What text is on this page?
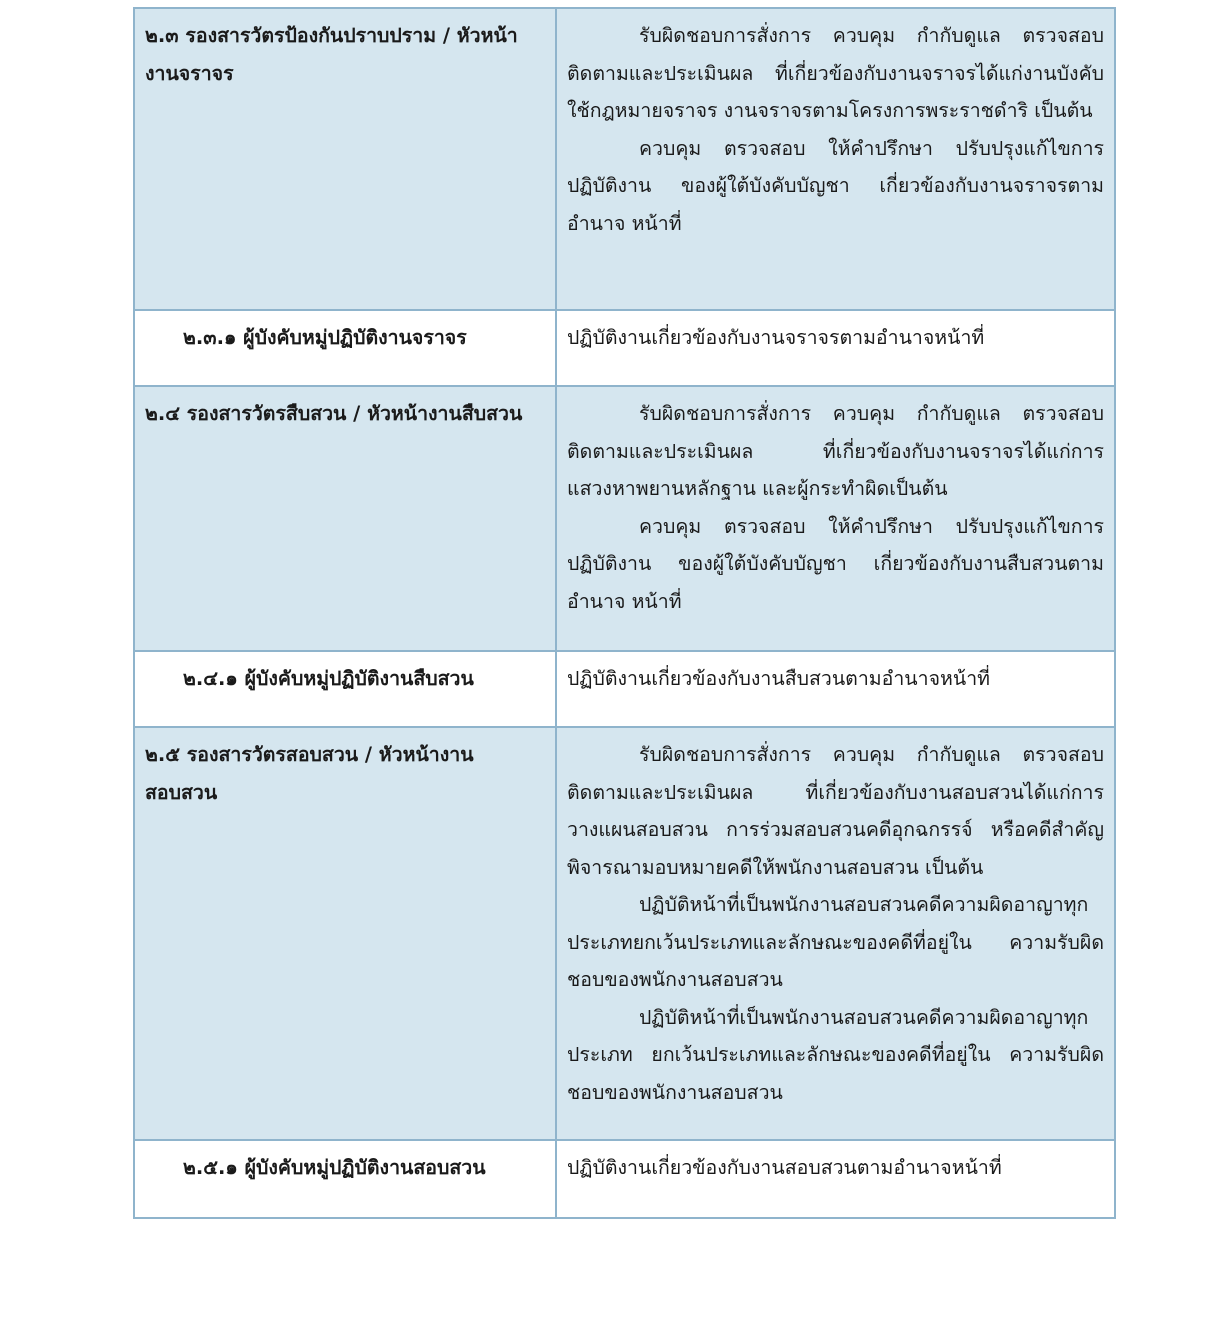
๒.๓ รองสารวัตรป้องกันปราบปราม / หัวหน้างานจราจร	รับผิดชอบการสั่งการ ควบคุม กำกับดูแล ตรวจสอบ ติดตามและประเมินผล ที่เกี่ยวข้องกับงานจราจรได้แก่งานบังคับใช้กฎหมายจราจร งานจราจรตามโครงการพระราชดำริ เป็นต้น

ควบคุม ตรวจสอบ ให้คำปรึกษา ปรับปรุงแก้ไขการปฏิบัติงาน ของผู้ใต้บังคับบัญชา เกี่ยวข้องกับงานจราจรตามอำนาจ หน้าที่

๒.๓.๑ ผู้บังคับหมู่ปฏิบัติงานจราจร	ปฏิบัติงานเกี่ยวข้องกับงานจราจรตามอำนาจหน้าที่

๒.๔ รองสารวัตรสืบสวน / หัวหน้างานสืบสวน	รับผิดชอบการสั่งการ ควบคุม กำกับดูแล ตรวจสอบ ติดตามและประเมินผล ที่เกี่ยวข้องกับงานจราจรได้แก่การแสวงหาพยานหลักฐาน และผู้กระทำผิดเป็นต้น

ควบคุม ตรวจสอบ ให้คำปรึกษา ปรับปรุงแก้ไขการปฏิบัติงาน ของผู้ใต้บังคับบัญชา เกี่ยวข้องกับงานสืบสวนตามอำนาจ หน้าที่

๒.๔.๑ ผู้บังคับหมู่ปฏิบัติงานสืบสวน	ปฏิบัติงานเกี่ยวข้องกับงานสืบสวนตามอำนาจหน้าที่

๒.๕ รองสารวัตรสอบสวน / หัวหน้างานสอบสวน	รับผิดชอบการสั่งการ ควบคุม กำกับดูแล ตรวจสอบ ติดตามและประเมินผล ที่เกี่ยวข้องกับงานสอบสวนได้แก่การวางแผนสอบสวน การร่วมสอบสวนคดีอุกฉกรรจ์ หรือคดีสำคัญพิจารณามอบหมายคดีให้พนักงานสอบสวน เป็นต้น

ปฏิบัติหน้าที่เป็นพนักงานสอบสวนคดีความผิดอาญาทุกประเภทยกเว้นประเภทและลักษณะของคดีที่อยู่ใน ความรับผิดชอบของพนักงานสอบสวน

ปฏิบัติหน้าที่เป็นพนักงานสอบสวนคดีความผิดอาญาทุกประเภท ยกเว้นประเภทและลักษณะของคดีที่อยู่ใน ความรับผิดชอบของพนักงานสอบสวน

๒.๕.๑ ผู้บังคับหมู่ปฏิบัติงานสอบสวน	ปฏิบัติงานเกี่ยวข้องกับงานสอบสวนตามอำนาจหน้าที่
